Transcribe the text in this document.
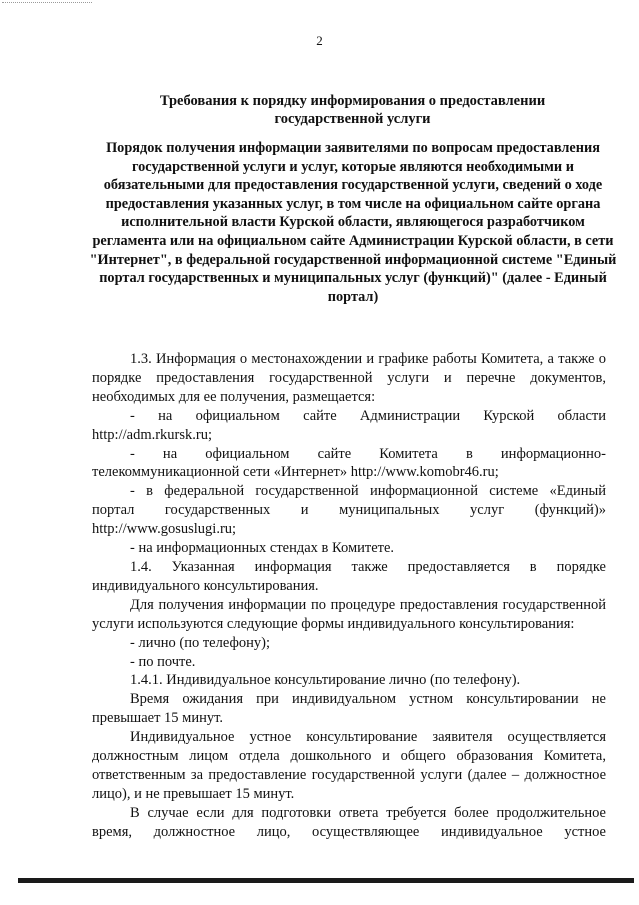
2
Требования к порядку информирования о предоставлении государственной услуги
Порядок получения информации заявителями по вопросам предоставления государственной услуги и услуг, которые являются необходимыми и обязательными для предоставления государственной услуги, сведений о ходе предоставления указанных услуг, в том числе на официальном сайте органа исполнительной власти Курской области, являющегося разработчиком регламента или на официальном сайте Администрации Курской области, в сети "Интернет", в федеральной государственной информационной системе "Единый портал государственных и муниципальных услуг (функций)" (далее - Единый портал)

1.3. Информация о местонахождении и графике работы Комитета, а также о порядке предоставления государственной услуги и перечне документов, необходимых для ее получения, размещается:

- на официальном сайте Администрации Курской области http://adm.rkursk.ru;

- на официальном сайте Комитета в информационно-телекоммуникационной сети «Интернет» http://www.komobr46.ru;

- в федеральной государственной информационной системе «Единый портал государственных и муниципальных услуг (функций)» http://www.gosuslugi.ru;

- на информационных стендах в Комитете.

1.4. Указанная информация также предоставляется в порядке индивидуального консультирования.

Для получения информации по процедуре предоставления государственной услуги используются следующие формы индивидуального консультирования:

- лично (по телефону);

- по почте.

1.4.1. Индивидуальное консультирование лично (по телефону).

Время ожидания при индивидуальном устном консультировании не превышает 15 минут.

Индивидуальное устное консультирование заявителя осуществляется должностным лицом отдела дошкольного и общего образования Комитета, ответственным за предоставление государственной услуги (далее – должностное лицо), и не превышает 15 минут.

В случае если для подготовки ответа требуется более продолжительное время, должностное лицо, осуществляющее индивидуальное устное
